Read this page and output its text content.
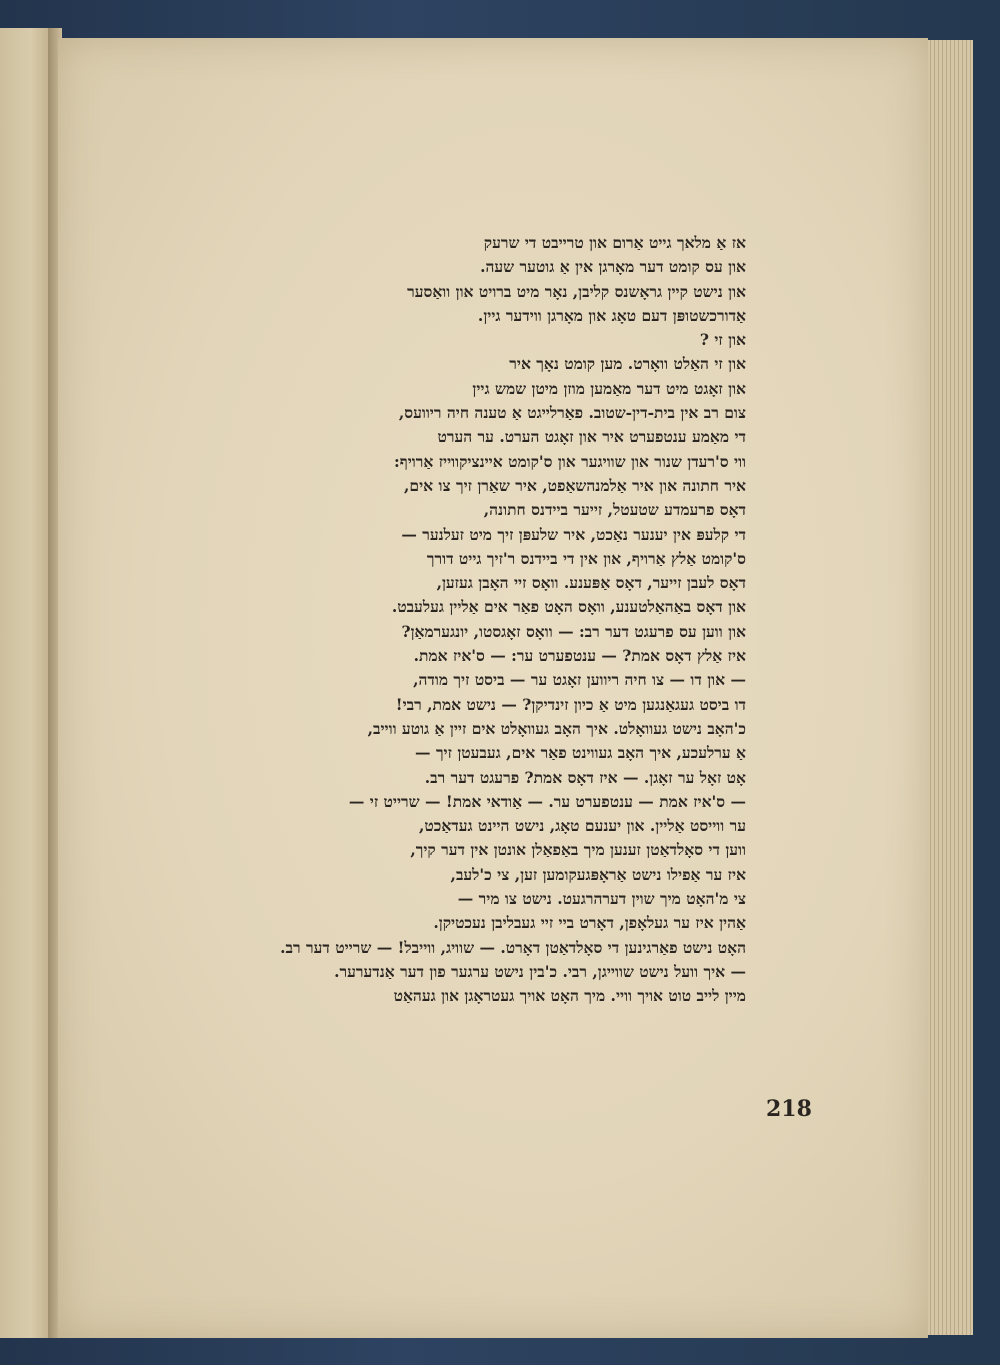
אז אַ מלאך גייט אַרום און טרייבט די שרעק
און עס קומט דער מאָרגן אין אַ גוטער שעה.
און נישט קיין גראָשנס קליבן, נאָר מיט ברויט און וואַסער
אַדורכשטופּן דעם טאָג און מאָרגן ווידער גיין.
און זי ?
און זי האַלט וואָרט. מען קומט נאָך איר
און זאָגט מיט דער מאַמען מוזן מיטן שמש גיין
צום רב אין בית-דין-שטוב. פאַרלייגט אַ טענה חיה ריוועס,
די מאַמע ענטפערט איר און זאָגט הערט. ער הערט
ווי ס'רעדן שנור און שוויגער און ס'קומט איינציקווייז אַרויף:
איר חתונה און איר אַלמנהשאַפט, איר שאַרן זיך צו אים,
דאָס פרעמדע שטעטל, זייער ביידנס חתונה,
די קלעפּ אין יענער נאַכט, איר שלעפּן זיך מיט זעלנער —
ס'קומט אַלץ אַרויף, און אין די ביידנס ר'זיך גייט דורך
דאָס לעבן זייער, דאָס אַפּענע. וואָס זיי האָבן געזען,
און דאָס באַהאַלטענע, וואָס האָט פאַר אים אַליין געלעבט.
און ווען עס פרעגט דער רב: — וואָס זאָגסטו, יונגערמאַן?
איז אַלץ דאָס אמת? — ענטפערט ער: — ס'איז אמת.
— און דו — צו חיה ריווען זאָגט ער — ביסט זיך מודה,
דו ביסט געגאַנגען מיט אַ כיון זינדיקן? — נישט אמת, רבי!
כ'האָב נישט געוואָלט. איך האָב געוואָלט אים זיין אַ גוטע ווייב,
אַ ערלעכע, איך האָב געווינט פאַר אים, געבעטן זיך —
אָט זאָל ער זאָגן. — איז דאָס אמת? פרעגט דער רב.
— ס'איז אמת — ענטפערט ער. — אַודאי אמת! — שרייט זי —
ער ווייסט אַליין. און יענעם טאָג, נישט היינט געדאַכט,
ווען די סאָלדאַטן זענען מיך באַפאַלן אונטן אין דער קיך,
איז ער אַפילו נישט אַראָפּגעקומען זען, צי כ'לעב,
צי מ'האָט מיך שוין דערהרגעט. נישט צו מיר —
אַהין איז ער געלאָפן, דאָרט ביי זיי געבליבן נעכטיקן.
האָט נישט פאַרגינען די סאָלדאַטן דאָרט. — שוויג, ווייבל! — שרייט דער רב.
— איך וועל נישט שווייגן, רבי. כ'בין נישט ערגער פון דער אַנדערער.
מיין לייב טוט אויך וויי. מיך האָט אויך געטראָגן און געהאַט
218
